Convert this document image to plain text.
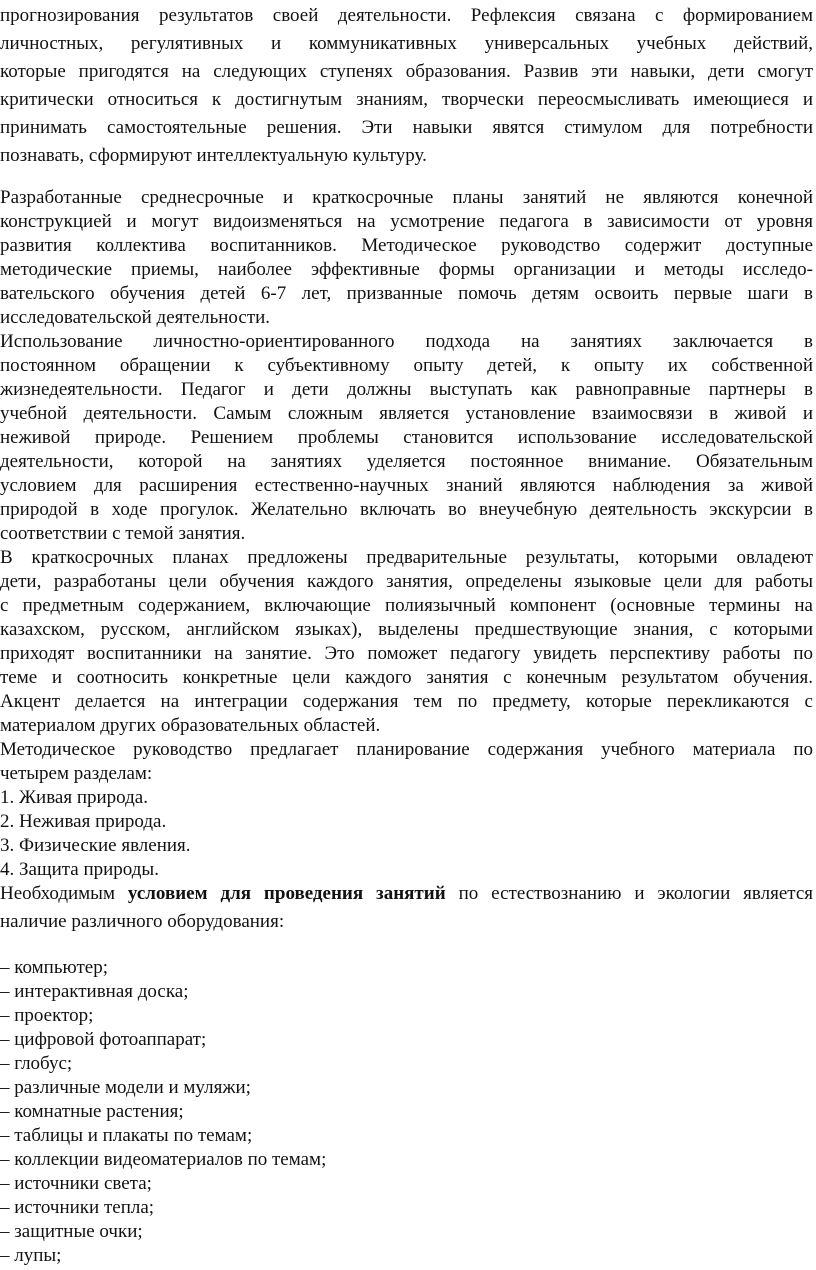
прогнозирования результатов своей деятельности. Рефлексия связана с формированием
личностных, регулятивных и коммуникативных универсальных учебных действий,
которые пригодятся на следующих ступенях образования. Развив эти навыки, дети смогут
критически относиться к достигнутым знаниям, творчески переосмысливать имеющиеся и
принимать самостоятельные решения. Эти навыки явятся стимулом для потребности
познавать, сформируют интеллектуальную культуру.
Разработанные среднесрочные и краткосрочные планы занятий не являются конечной
конструкцией и могут видоизменяться на усмотрение педагога в зависимости от уровня
развития коллектива воспитанников. Методическое руководство содержит доступные
методические приемы, наиболее эффективные формы организации и методы исследо-
вательского обучения детей 6-7 лет, призванные помочь детям освоить первые шаги в
исследовательской деятельности.
Использование личностно-ориентированного подхода на занятиях заключается в
постоянном обращении к субъективному опыту детей, к опыту их собственной
жизнедеятельности. Педагог и дети должны выступать как равноправные партнеры в
учебной деятельности. Самым сложным является установление взаимосвязи в живой и
неживой природе. Решением проблемы становится использование исследовательской
деятельности, которой на занятиях уделяется постоянное внимание. Обязательным
условием для расширения естественно-научных знаний являются наблюдения за живой
природой в ходе прогулок. Желательно включать во внеучебную деятельность экскурсии в
соответствии с темой занятия.
В краткосрочных планах предложены предварительные результаты, которыми овладеют
дети, разработаны цели обучения каждого занятия, определены языковые цели для работы
с предметным содержанием, включающие полиязычный компонент (основные термины на
казахском, русском, английском языках), выделены предшествующие знания, с которыми
приходят воспитанники на занятие. Это поможет педагогу увидеть перспективу работы по
теме и соотносить конкретные цели каждого занятия с конечным результатом обучения.
Акцент делается на интеграции содержания тем по предмету, которые перекликаются с
материалом других образовательных областей.
Методическое руководство предлагает планирование содержания учебного материала по
четырем разделам:
1. Живая природа.
2. Неживая природа.
3. Физические явления.
4. Защита природы.
Необходимым условием для проведения занятий по естествознанию и экологии является
наличие различного оборудования:
– компьютер;
– интерактивная доска;
– проектор;
– цифровой фотоаппарат;
– глобус;
– различные модели и муляжи;
– комнатные растения;
– таблицы и плакаты по темам;
– коллекции видеоматериалов по темам;
– источники света;
– источники тепла;
– защитные очки;
– лупы;
